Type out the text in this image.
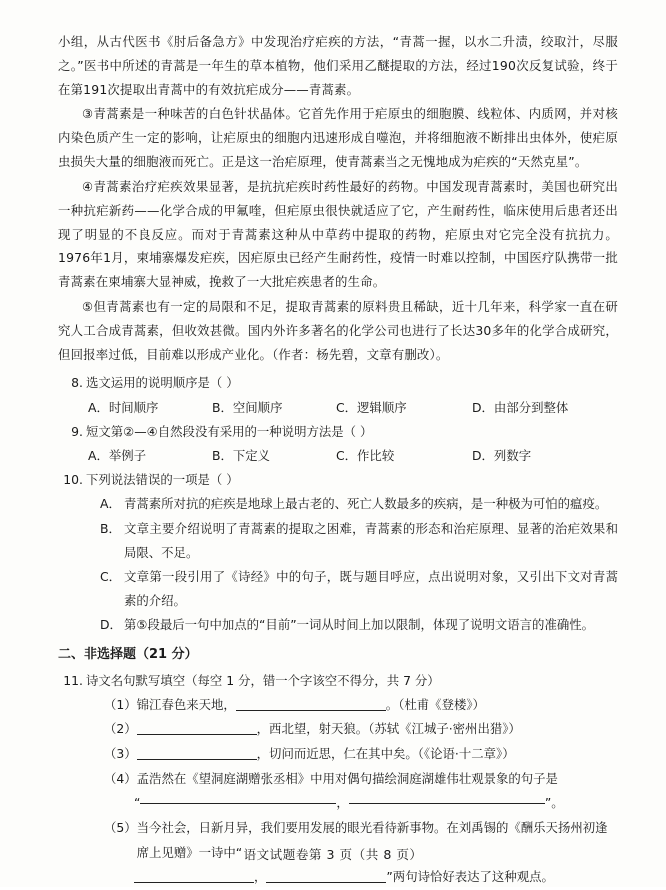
小组，从古代医书《肘后备急方》中发现治疗疟疾的方法，“青蒿一握，以水二升渍，绞取汁，尽服之。”医书中所述的青蒿是一年生的草本植物，他们采用乙醚提取的方法，经过190次反复试验，终于在第191次提取出青蒿中的有效抗疟成分——青蒿素。

③青蒿素是一种味苦的白色针状晶体。它首先作用于疟原虫的细胞膜、线粒体、内质网，并对核内染色质产生一定的影响，让疟原虫的细胞内迅速形成自噬泡，并将细胞液不断排出虫体外，使疟原虫损失大量的细胞液而死亡。正是这一治疟原理，使青蒿素当之无愧地成为疟疾的“天然克星”。

④青蒿素治疗疟疾效果显著，是抗抗疟疾时药性最好的药物。中国发现青蒿素时，美国也研究出一种抗疟新药——化学合成的甲氟喹，但疟原虫很快就适应了它，产生耐药性，临床使用后患者还出现了明显的不良反应。而对于青蒿素这种从中草药中提取的药物，疟原虫对它完全没有抗抗力。1976年1月，柬埔寨爆发疟疾，因疟原虫已经产生耐药性，疫情一时难以控制，中国医疗队携带一批青蒿素在柬埔寨大显神威，挽救了一大批疟疾患者的生命。

⑤但青蒿素也有一定的局限和不足，提取青蒿素的原料贵且稀缺，近十几年来，科学家一直在研究人工合成青蒿素，但收效甚微。国内外许多著名的化学公司也进行了长达30多年的化学合成研究，但回报率过低，目前难以形成产业化。（作者：杨先碧，文章有删改）。

8. 选文运用的说明顺序是（ ）
A．时间顺序	B．空间顺序	C．逻辑顺序	D．由部分到整体
9. 短文第②—④自然段没有采用的一种说明方法是（ ）
A．举例子	B．下定义	C．作比较	D．列数字
10. 下列说法错误的一项是（ ）
A． 青蒿素所对抗的疟疾是地球上最古老的、死亡人数最多的疾病，是一种极为可怕的瘟疫。
B． 文章主要介绍说明了青蒿素的提取之困难，青蒿素的形态和治疟原理、显著的治疟效果和局限、不足。
C． 文章第一段引用了《诗经》中的句子，既与题目呼应，点出说明对象，又引出下文对青蒿素的介绍。
D． 第⑤段最后一句中加点的“目前”一词从时间上加以限制，体现了说明文语言的准确性。
二、非选择题（21 分）
11. 诗文名句默写填空（每空 1 分，错一个字该空不得分，共 7 分）
（1） 锦江春色来天地，	。（杜甫《登楼》）
（2）	，西北望，射天狼。（苏轼《江城子·密州出猎》）
（3）	，切问而近思，仁在其中矣。（《论语·十二章》）
（4） 孟浩然在《望洞庭湖赠张丞相》中用对偶句描绘洞庭湖雄伟壮观景象的句子是
“	，	”。
（5） 当今社会，日新月异，我们要用发展的眼光看待新事物。在刘禹锡的《酬乐天扬州初逢席上见赠》一诗中“
，	”两句诗恰好表达了这种观点。
语文试题卷第 3 页（共 8 页）
